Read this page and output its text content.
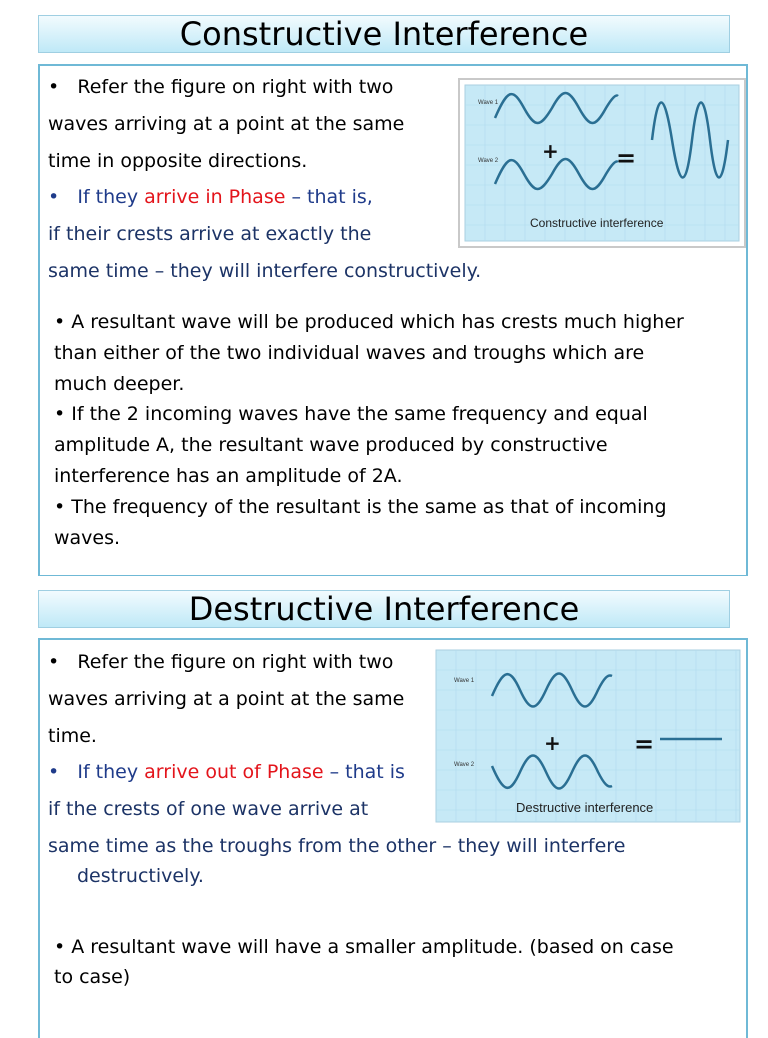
Constructive Interference
• Refer the figure on right with two
waves arriving at a point at the same
time in opposite directions.
• If they arrive in Phase – that is,
if their crests arrive at exactly the
same time – they will interfere constructively.
• A resultant wave will be produced which has crests much higher
than either of the two individual waves and troughs which are
much deeper.
• If the 2 incoming waves have the same frequency and equal
amplitude A, the resultant wave produced by constructive
interference has an amplitude of 2A.
• The frequency of the resultant is the same as that of incoming
waves.
Wave 1
Wave 2 + =
Constructive interference
Destructive Interference
• Refer the figure on right with two
waves arriving at a point at the same
time.
• If they arrive out of Phase – that is
if the crests of one wave arrive at
same time as the troughs from the other – they will interfere
destructively.
• A resultant wave will have a smaller amplitude. (based on case
to case)
Wave 1
Wave 2
+	=
Destructive interference
